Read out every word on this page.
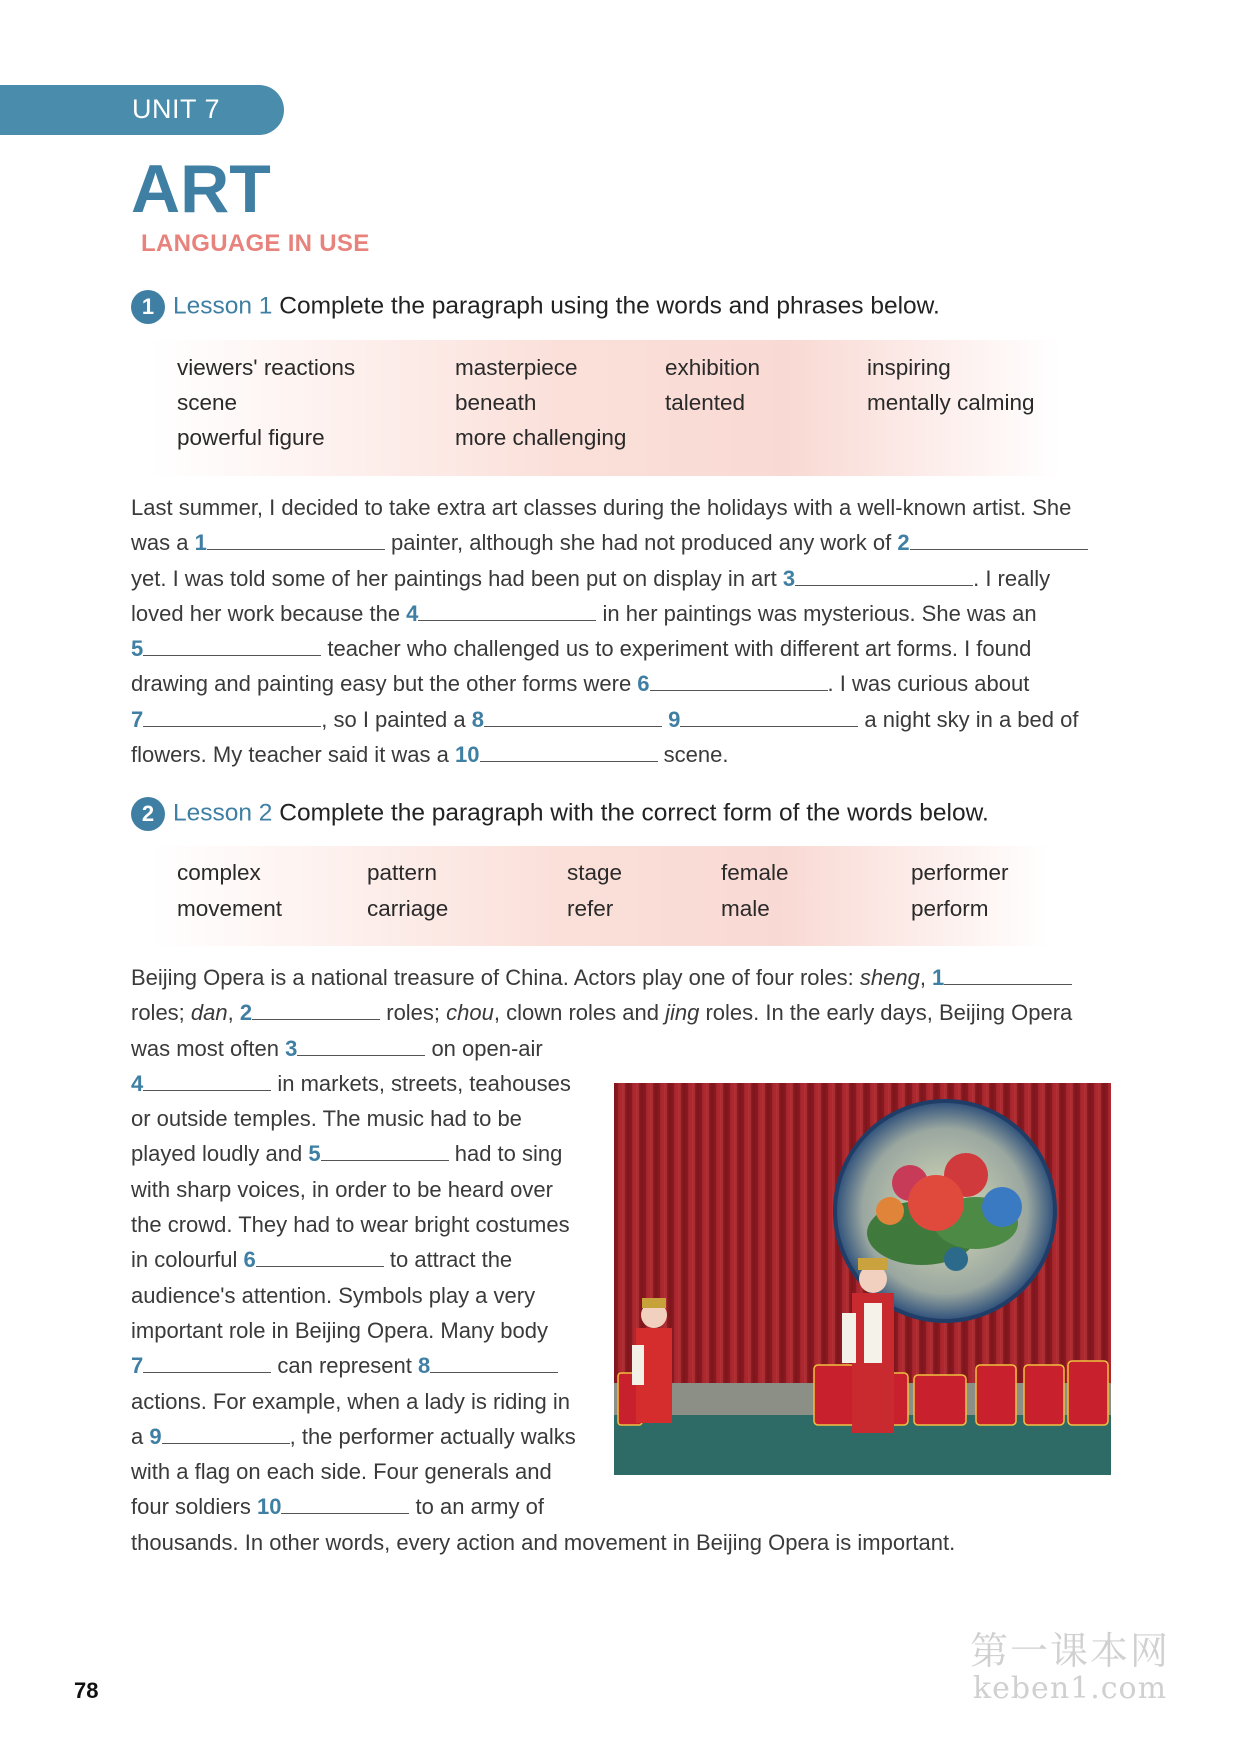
UNIT 7
ART
LANGUAGE IN USE
1 Lesson 1 Complete the paragraph using the words and phrases below.
viewers' reactions	masterpiece	exhibition	inspiring
scene	beneath	talented	mentally calming
powerful figure	more challenging
Last summer, I decided to take extra art classes during the holidays with a well-known artist. She
was a 1	painter, although she had not produced any work of 2
yet. I was told some of her paintings had been put on display in art 3	. I really
loved her work because the 4	in her paintings was mysterious. She was an
5	teacher who challenged us to experiment with different art forms. I found
drawing and painting easy but the other forms were 6	. I was curious about
7	, so I painted a 8	9	a night sky in a bed of
flowers. My teacher said it was a 10	scene.
2 Lesson 2 Complete the paragraph with the correct form of the words below.
complex	pattern	stage	female	performer
movement	carriage	refer	male	perform
Beijing Opera is a national treasure of China. Actors play one of four roles: sheng, 1
roles; dan, 2	roles; chou, clown roles and jing roles. In the early days, Beijing Opera
was most often 3	on open-air
4	in markets, streets, teahouses
or outside temples. The music had to be
played loudly and 5	had to sing
with sharp voices, in order to be heard over
the crowd. They had to wear bright costumes
in colourful 6	to attract the
audience's attention. Symbols play a very
important role in Beijing Opera. Many body
7	can represent 8
actions. For example, when a lady is riding in
a 9	, the performer actually walks
with a flag on each side. Four generals and
four soldiers 10	to an army of
thousands. In other words, every action and movement in Beijing Opera is important.
78
第一课本网
keben1.com
